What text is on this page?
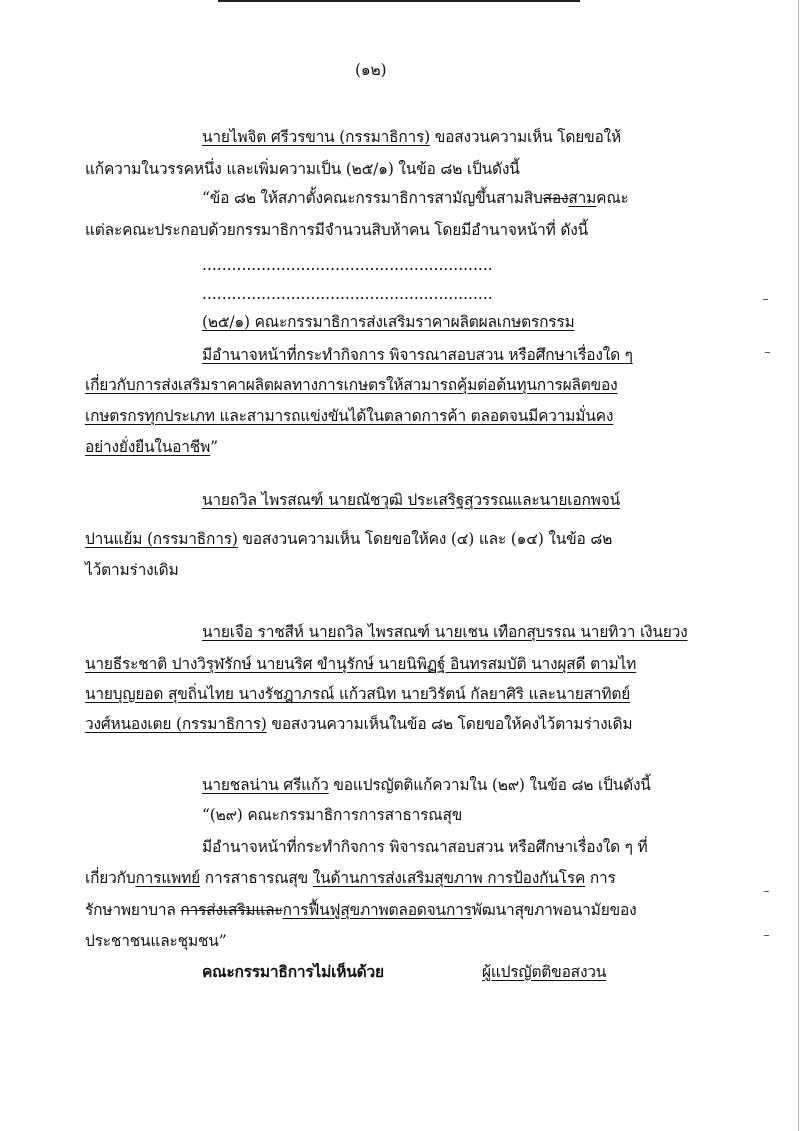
(๑๒)
นายไพจิต ศรีวรขาน (กรรมาธิการ) ขอสงวนความเห็น โดยขอให้
แก้ความในวรรคหนึ่ง และเพิ่มความเป็น (๒๕/๑) ในข้อ ๘๒ เป็นดังนี้
“ข้อ ๘๒ ให้สภาตั้งคณะกรรมาธิการสามัญขึ้นสามสิบสองสามคณะ
แต่ละคณะประกอบด้วยกรรมาธิการมีจำนวนสิบห้าคน โดยมีอำนาจหน้าที่ ดังนี้
...........................................................
...........................................................
(๒๕/๑) คณะกรรมาธิการส่งเสริมราคาผลิตผลเกษตรกรรม
มีอำนาจหน้าที่กระทำกิจการ พิจารณาสอบสวน หรือศึกษาเรื่องใด ๆ
เกี่ยวกับการส่งเสริมราคาผลิตผลทางการเกษตรให้สามารถคุ้มต่อต้นทุนการผลิตของ
เกษตรกรทุกประเภท และสามารถแข่งขันได้ในตลาดการค้า ตลอดจนมีความมั่นคง
อย่างยั่งยืนในอาชีพ”
นายถวิล ไพรสณฑ์ นายณัชวุฒิ ประเสริฐสุวรรณและนายเอกพจน์
ปานแย้ม (กรรมาธิการ) ขอสงวนความเห็น โดยขอให้คง (๔) และ (๑๔) ในข้อ ๘๒
ไว้ตามร่างเดิม
นายเจือ ราชสีห์ นายถวิล ไพรสณฑ์ นายเชน เทือกสุบรรณ นายทิวา เงินยวง
นายธีระชาติ ปางวิรุฬรักษ์ นายนริศ ขำนุรักษ์ นายนิพิฏฐ์ อินทรสมบัติ นางผุสดี ตามไท
นายบุญยอด สุขถิ่นไทย นางรัชฎาภรณ์ แก้วสนิท นายวิรัตน์ กัลยาศิริ และนายสาทิตย์
วงศ์หนองเตย (กรรมาธิการ) ขอสงวนความเห็นในข้อ ๘๒ โดยขอให้คงไว้ตามร่างเดิม
นายชลน่าน ศรีแก้ว ขอแปรญัตติแก้ความใน (๒๙) ในข้อ ๘๒ เป็นดังนี้
“(๒๙) คณะกรรมาธิการการสาธารณสุข
มีอำนาจหน้าที่กระทำกิจการ พิจารณาสอบสวน หรือศึกษาเรื่องใด ๆ ที่
เกี่ยวกับการแพทย์ การสาธารณสุข ในด้านการส่งเสริมสุขภาพ การป้องกันโรค การ
รักษาพยาบาล การส่งเสริมและการฟื้นฟูสุขภาพตลอดจนการพัฒนาสุขภาพอนามัยของ
ประชาชนและชุมชน”
คณะกรรมาธิการไม่เห็นด้วย	ผู้แปรญัตติขอสงวน
